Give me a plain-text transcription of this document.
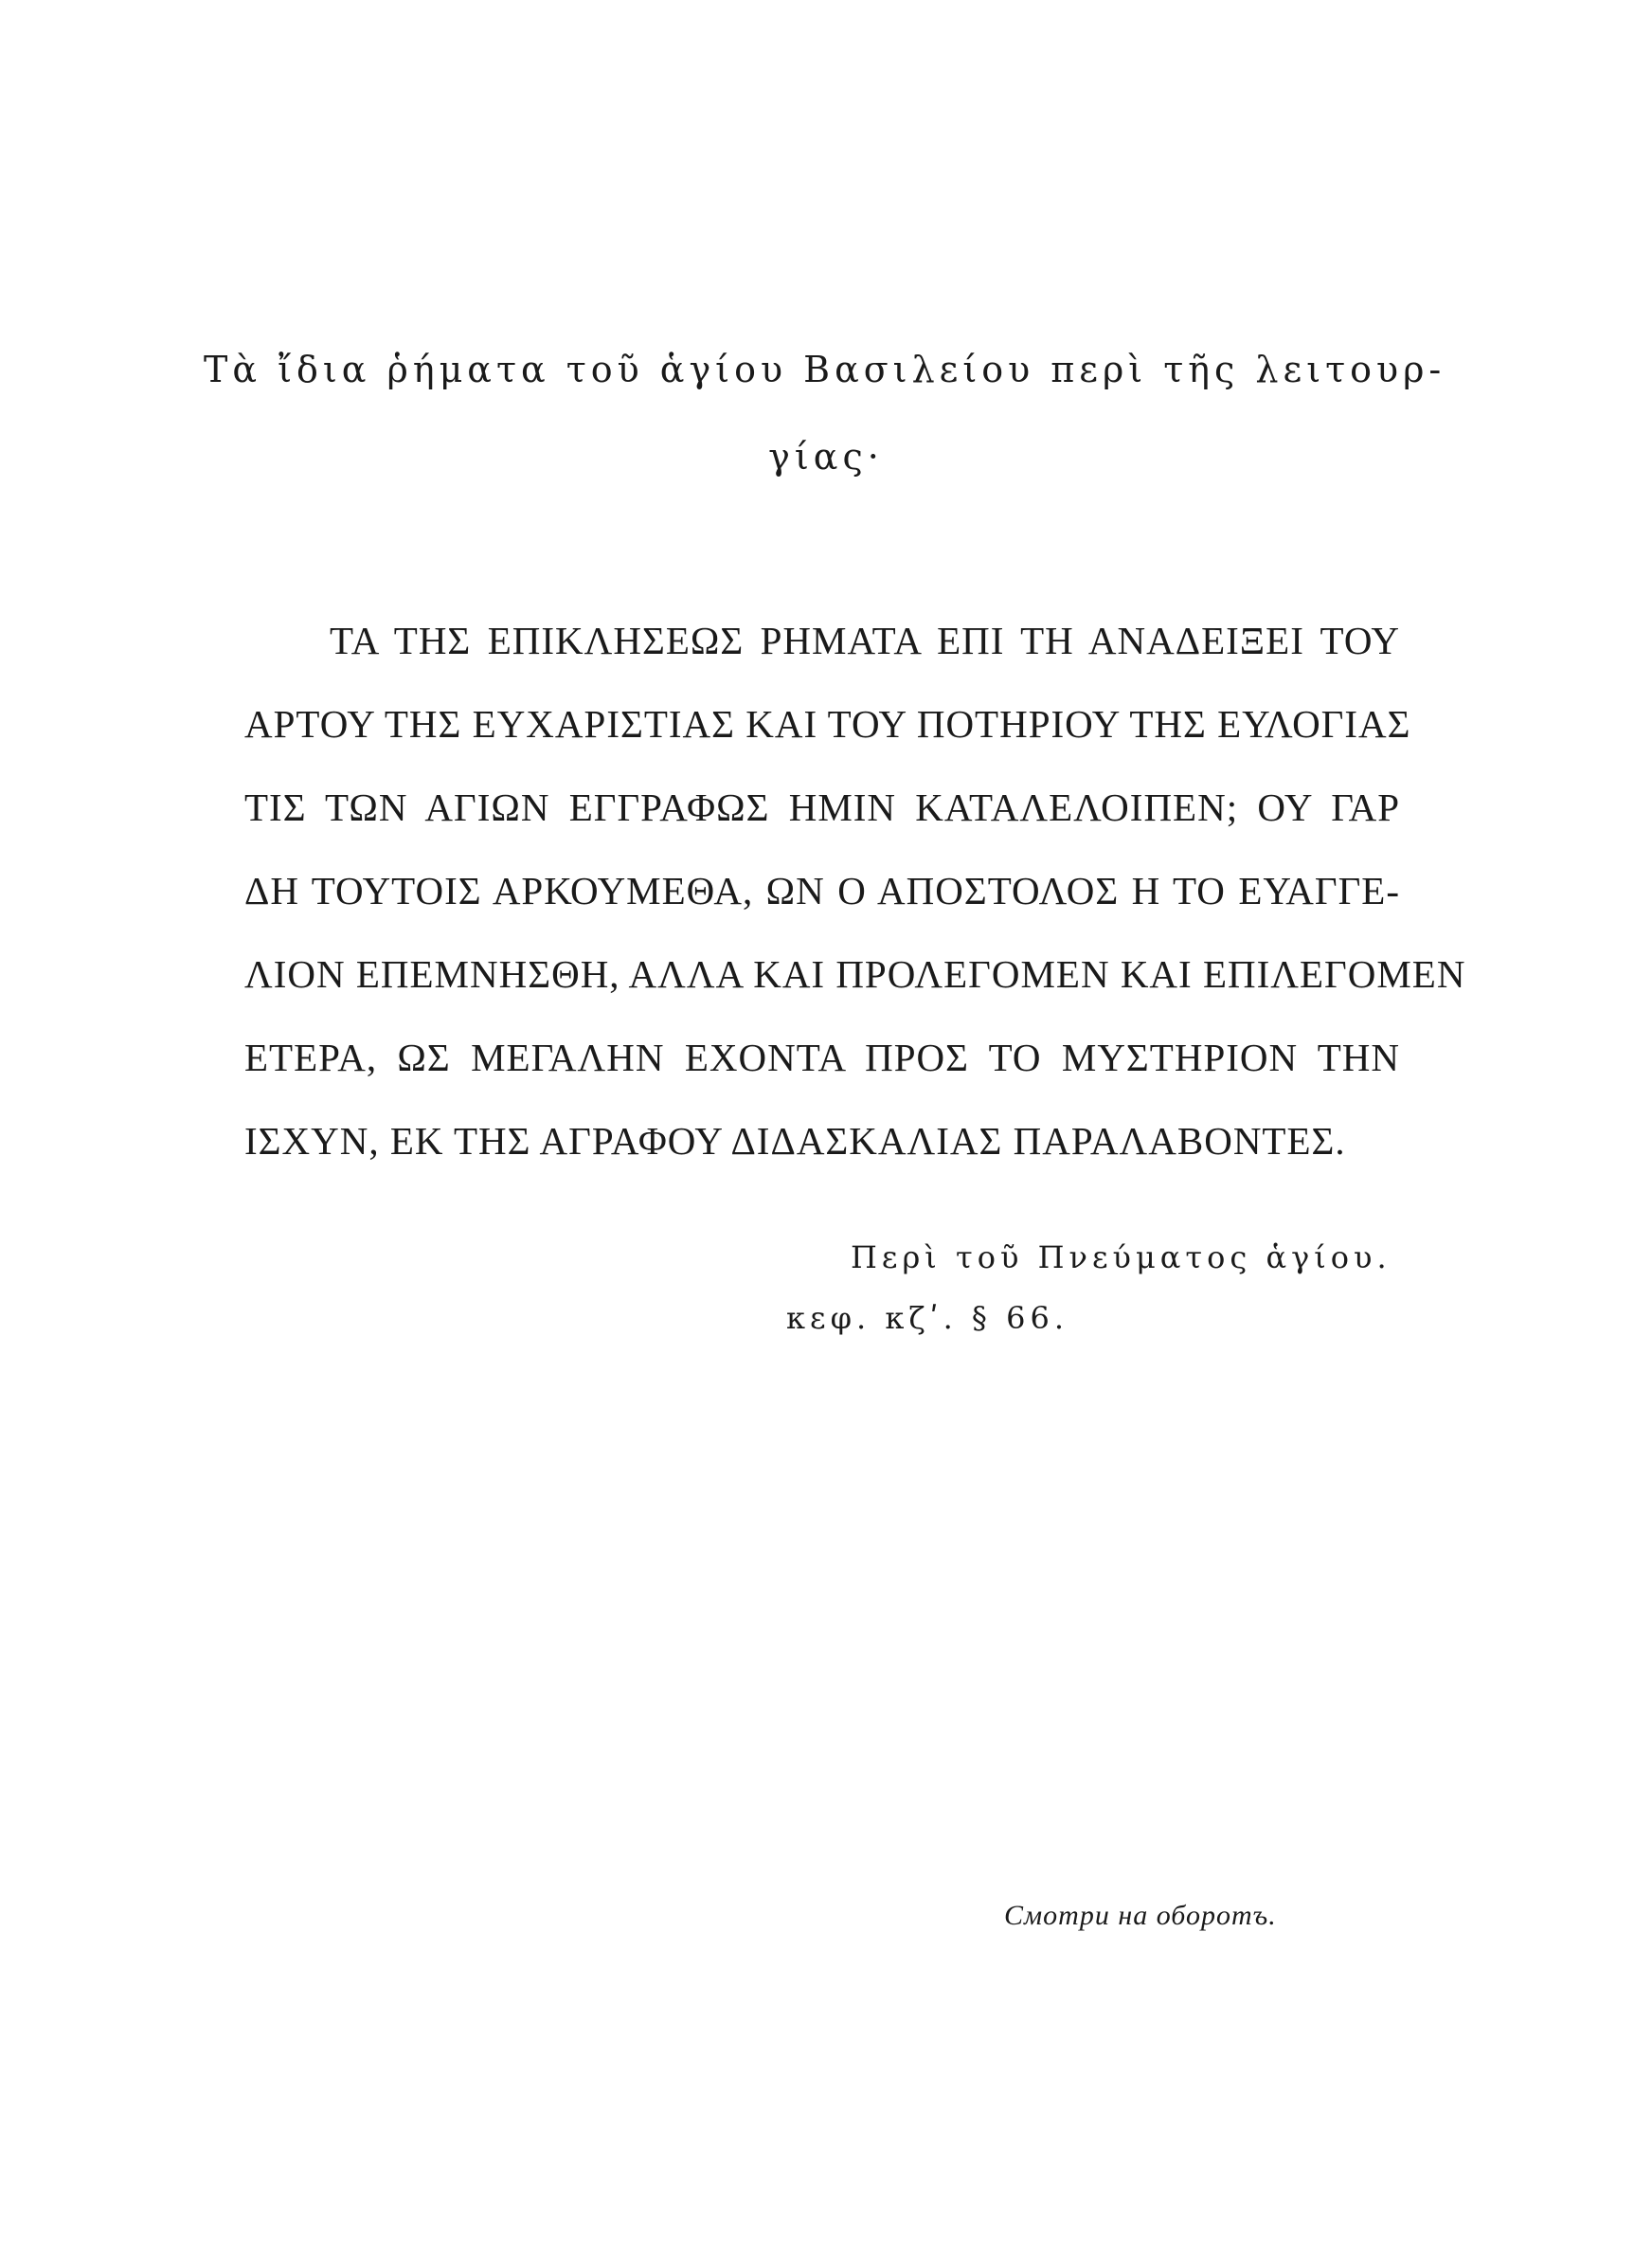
Τὰ ἴδια ῥήματα τοῦ ἁγίου Βασιλείου περὶ τῆς λειτουρ-
γίας·
ΤΑ ΤΗΣ ΕΠΙΚΛΗΣΕΩΣ ΡΗΜΑΤΑ ΕΠΙ ΤΗ ΑΝΑΔΕΙΞΕΙ ΤΟΥ
ΑΡΤΟΥ ΤΗΣ ΕΥΧΑΡΙΣΤΙΑΣ ΚΑΙ ΤΟΥ ΠΟΤΗΡΙΟΥ ΤΗΣ ΕΥΛΟΓΙΑΣ
ΤΙΣ ΤΩΝ ΑΓΙΩΝ ΕΓΓΡΑΦΩΣ ΗΜΙΝ ΚΑΤΑΛΕΛΟΙΠΕΝ; ΟΥ ΓΑΡ
ΔΗ ΤΟΥΤΟΙΣ ΑΡΚΟΥΜΕΘΑ, ΩΝ Ο ΑΠΟΣΤΟΛΟΣ Η ΤΟ ΕΥΑΓΓΕ-
ΛΙΟΝ ΕΠΕΜΝΗΣΘΗ, ΑΛΛΑ ΚΑΙ ΠΡΟΛΕΓΟΜΕΝ ΚΑΙ ΕΠΙΛΕΓΟΜΕΝ
ΕΤΕΡΑ, ΩΣ ΜΕΓΑΛΗΝ ΕΧΟΝΤΑ ΠΡΟΣ ΤΟ ΜΥΣΤΗΡΙΟΝ ΤΗΝ
ΙΣΧΥΝ, ΕΚ ΤΗΣ ΑΓΡΑΦΟΥ ΔΙΔΑΣΚΑΛΙΑΣ ΠΑΡΑΛΑΒΟΝΤΕΣ.
Περὶ τοῦ Πνεύματος ἁγίου.
κεφ. κζʹ. § 66.
Смотри на оборотъ.
